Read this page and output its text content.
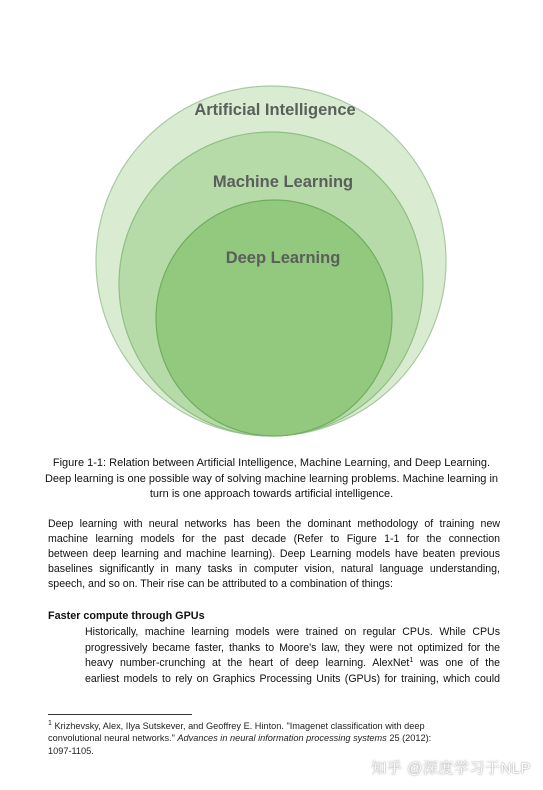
Artificial Intelligence
Machine Learning
Deep Learning
Figure 1-1: Relation between Artificial Intelligence, Machine Learning, and Deep Learning.
Deep learning is one possible way of solving machine learning problems. Machine learning in
turn is one approach towards artificial intelligence.
Deep learning with neural networks has been the dominant methodology of training new
machine learning models for the past decade (Refer to Figure 1-1 for the connection
between deep learning and machine learning). Deep Learning models have beaten previous
baselines significantly in many tasks in computer vision, natural language understanding,
speech, and so on. Their rise can be attributed to a combination of things:
Faster compute through GPUs
Historically, machine learning models were trained on regular CPUs. While CPUs
progressively became faster, thanks to Moore's law, they were not optimized for the
heavy number-crunching at the heart of deep learning. AlexNet$^1$ was one of the
earliest models to rely on Graphics Processing Units (GPUs) for training, which could
$^1$ Krizhevsky, Alex, Ilya Sutskever, and Geoffrey E. Hinton. "Imagenet classification with deep
convolutional neural networks." Advances in neural information processing systems 25 (2012):
1097-1105.
知乎 @深度学习于NLP
